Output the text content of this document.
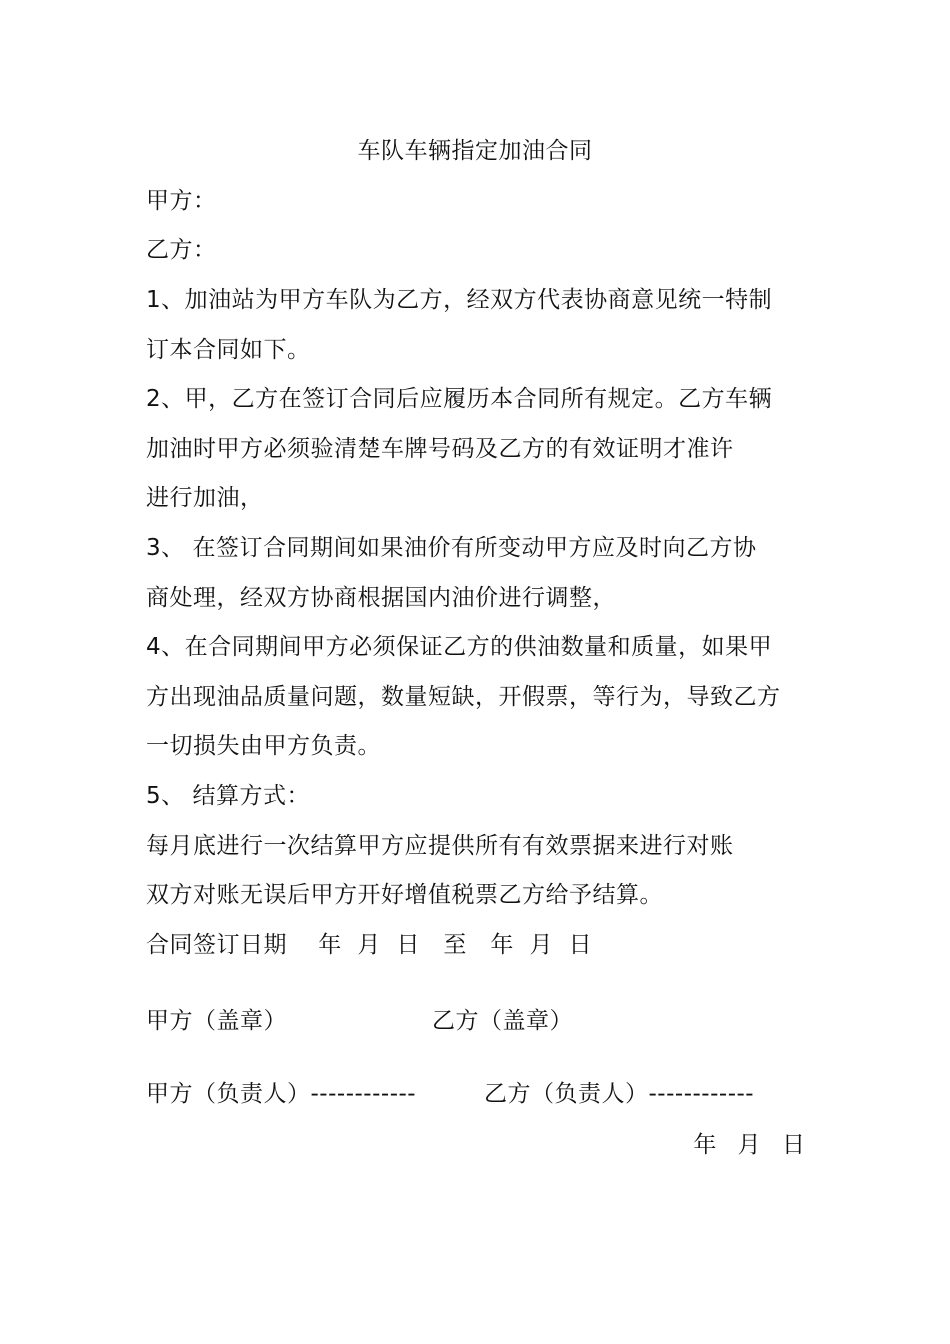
车队车辆指定加油合同
甲方：
乙方：
1、加油站为甲方车队为乙方，经双方代表协商意见统一特制
订本合同如下。
2、甲，乙方在签订合同后应履历本合同所有规定。乙方车辆
加油时甲方必须验清楚车牌号码及乙方的有效证明才准许
进行加油，
3、 在签订合同期间如果油价有所变动甲方应及时向乙方协
商处理，经双方协商根据国内油价进行调整，
4、在合同期间甲方必须保证乙方的供油数量和质量，如果甲
方出现油品质量问题，数量短缺，开假票，等行为，导致乙方
一切损失由甲方负责。
5、 结算方式：
每月底进行一次结算甲方应提供所有有效票据来进行对账
双方对账无误后甲方开好增值税票乙方给予结算。
合同签订日期    年  月  日   至   年  月  日
甲方（盖章）	乙方（盖章）
甲方（负责人）------------	乙方（负责人）------------
年 月 日
